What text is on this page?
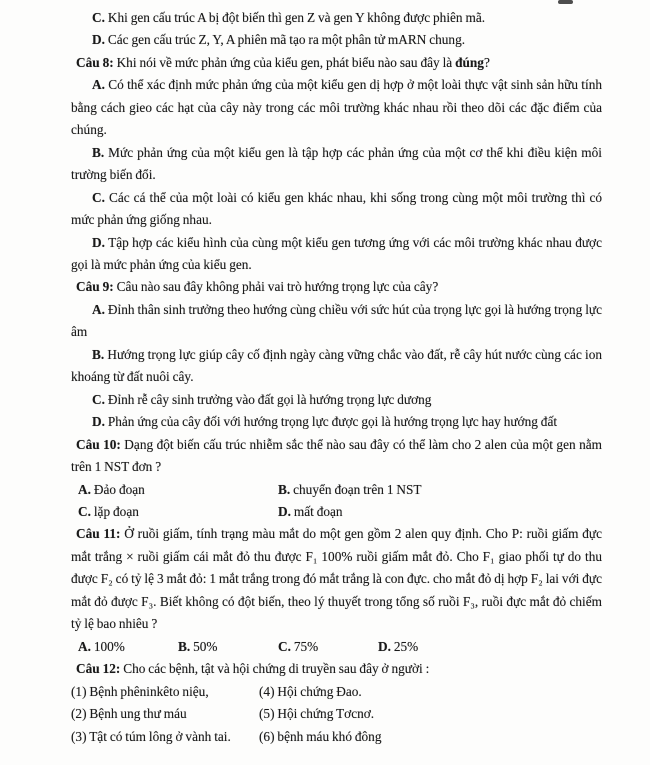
C. Khi gen cấu trúc A bị đột biến thì gen Z và gen Y không được phiên mã.

D. Các gen cấu trúc Z, Y, A phiên mã tạo ra một phân tử mARN chung.

Câu 8: Khi nói về mức phản ứng của kiểu gen, phát biểu nào sau đây là đúng?

A. Có thể xác định mức phản ứng của một kiểu gen dị hợp ở một loài thực vật sinh sản hữu tính bằng cách gieo các hạt của cây này trong các môi trường khác nhau rồi theo dõi các đặc điểm của chúng.

B. Mức phản ứng của một kiểu gen là tập hợp các phản ứng của một cơ thể khi điều kiện môi trường biến đổi.

C. Các cá thể của một loài có kiểu gen khác nhau, khi sống trong cùng một môi trường thì có mức phản ứng giống nhau.

D. Tập hợp các kiểu hình của cùng một kiểu gen tương ứng với các môi trường khác nhau được gọi là mức phản ứng của kiểu gen.

Câu 9: Câu nào sau đây không phải vai trò hướng trọng lực của cây?

A. Đỉnh thân sinh trưởng theo hướng cùng chiều với sức hút của trọng lực gọi là hướng trọng lực âm

B. Hướng trọng lực giúp cây cố định ngày càng vững chắc vào đất, rễ cây hút nước cùng các ion khoáng từ đất nuôi cây.

C. Đỉnh rễ cây sinh trưởng vào đất gọi là hướng trọng lực dương

D. Phản ứng của cây đối với hướng trọng lực được gọi là hướng trọng lực hay hướng đất

Câu 10: Dạng đột biến cấu trúc nhiễm sắc thể nào sau đây có thể làm cho 2 alen của một gen nằm trên 1 NST đơn ?

A. Đảo đoạn	B. chuyển đoạn trên 1 NST
C. lặp đoạn	D. mất đoạn

Câu 11: Ở ruồi giấm, tính trạng màu mắt do một gen gồm 2 alen quy định. Cho P: ruồi giấm đực mắt trắng × ruồi giấm cái mắt đỏ thu được F₁ 100% ruồi giấm mắt đỏ. Cho F₁ giao phối tự do thu được F₂ có tỷ lệ 3 mắt đỏ: 1 mắt trắng trong đó mắt trắng là con đực. cho mắt đỏ dị hợp F₂ lai với đực mắt đỏ được F₃. Biết không có đột biến, theo lý thuyết trong tổng số ruồi F₃, ruồi đực mắt đỏ chiếm tỷ lệ bao nhiêu ?

A. 100%	B. 50%	C. 75%	D. 25%

Câu 12: Cho các bệnh, tật và hội chứng di truyền sau đây ở người :

(1) Bệnh phêninkêto niệu,	(4) Hội chứng Đao.
(2) Bệnh ung thư máu	(5) Hội chứng Tơcnơ.
(3) Tật có túm lông ở vành tai.	(6) bệnh máu khó đông
